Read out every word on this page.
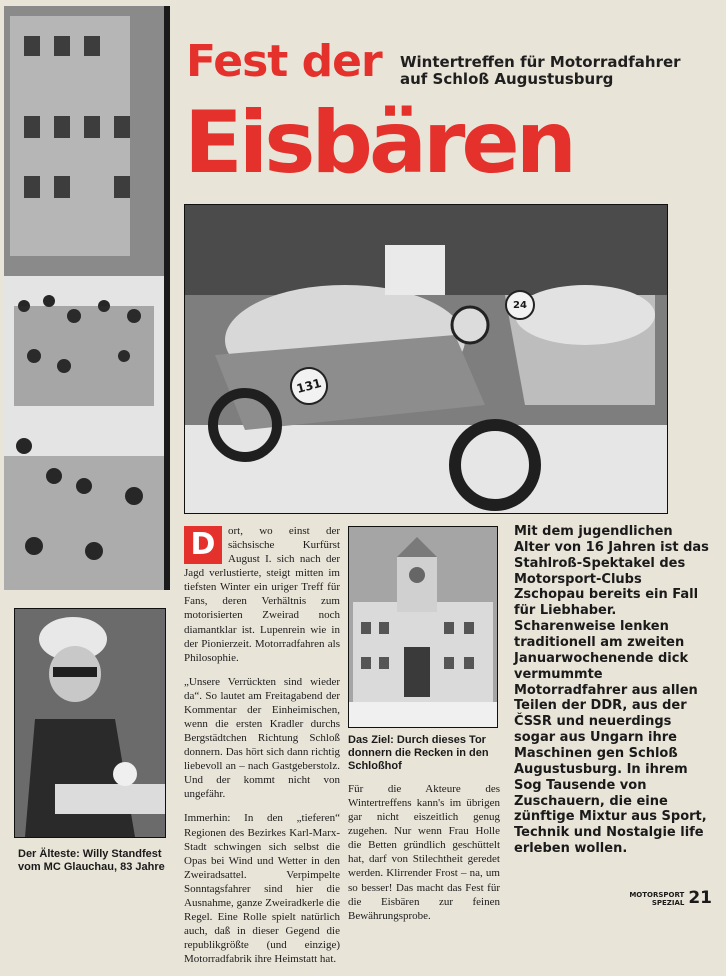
Fest der Wintertreffen für Motorradfahrer auf Schloß Augustusburg
Eisbären
131
24

D	ort, wo einst der sächsische Kurfürst August I. sich nach der Jagd verlustierte, steigt mitten im tiefsten Winter ein uriger Treff für Fans, deren Verhältnis zum motorisierten Zweirad noch diamantklar ist. Lupenrein wie in der Pionierzeit. Motorradfahren als Philosophie.

„Unsere Verrückten sind wieder da“. So lautet am Freitagabend der Kommentar der Einheimischen, wenn die ersten Kradler durchs Bergstädtchen Richtung Schloß donnern. Das hört sich dann richtig liebevoll an – nach Gastgeberstolz. Und der kommt nicht von ungefähr.

Immerhin: In den „tieferen“ Regionen des Bezirkes Karl-Marx-Stadt schwingen sich selbst die Opas bei Wind und Wetter in den Zweiradsattel. Verpimpelte Sonntagsfahrer sind hier die Ausnahme, ganze Zweiradkerle die Regel. Eine Rolle spielt natürlich auch, daß in dieser Gegend die republikgrößte (und einzige) Motorradfabrik ihre Heimstatt hat.

Das Ziel: Durch dieses Tor donnern die Recken in den Schloßhof

Für die Akteure des Wintertreffens kann's im übrigen gar nicht eiszeitlich genug zugehen. Nur wenn Frau Holle die Betten gründlich geschüttelt hat, darf von Stilechtheit geredet werden. Klirrender Frost – na, um so besser! Das macht das Fest für die Eisbären zur feinen Bewährungsprobe.

Mit dem jugendlichen Alter von 16 Jahren ist das Stahlroß-Spektakel des Motorsport-Clubs Zschopau bereits ein Fall für Liebhaber. Scharenweise lenken traditionell am zweiten Januarwochenende dick vermummte Motorradfahrer aus allen Teilen der DDR, aus der ČSSR und neuerdings sogar aus Ungarn ihre Maschinen gen Schloß Augustusburg. In ihrem Sog Tausende von Zuschauern, die eine zünftige Mixtur aus Sport, Technik und Nostalgie life erleben wollen.
Der Älteste: Willy Standfest vom MC Glauchau, 83 Jahre
MOTORSPORT
SPEZIAL 21
